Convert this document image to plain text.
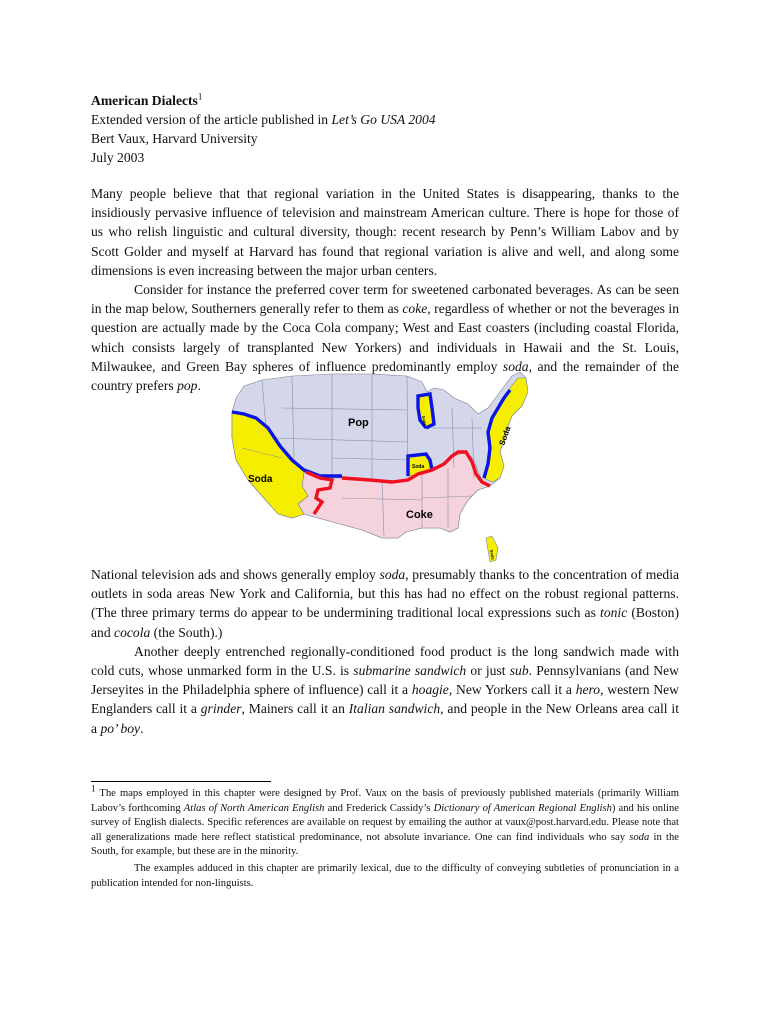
American Dialects$^1$
Extended version of the article published in Let’s Go USA 2004
Bert Vaux, Harvard University
July 2003

Many people believe that that regional variation in the United States is disappearing, thanks to the insidiously pervasive influence of television and mainstream American culture. There is hope for those of us who relish linguistic and cultural diversity, though: recent research by Penn’s William Labov and by Scott Golder and myself at Harvard has found that regional variation is alive and well, and along some dimensions is even increasing between the major urban centers.

Consider for instance the preferred cover term for sweetened carbonated beverages. As can be seen in the map below, Southerners generally refer to them as coke, regardless of whether or not the beverages in question are actually made by the Coca Cola company; West and East coasters (including coastal Florida, which consists largely of transplanted New Yorkers) and individuals in Hawaii and the St. Louis, Milwaukee, and Green Bay spheres of influence predominantly employ soda, and the remainder of the country prefers pop.

Pop
Soda
Coke
Soda
Soda
Soda
Soda

National television ads and shows generally employ soda, presumably thanks to the concentration of media outlets in soda areas New York and California, but this has had no effect on the robust regional patterns. (The three primary terms do appear to be undermining traditional local expressions such as tonic (Boston) and cocola (the South).)

Another deeply entrenched regionally-conditioned food product is the long sandwich made with cold cuts, whose unmarked form in the U.S. is submarine sandwich or just sub. Pennsylvanians (and New Jerseyites in the Philadelphia sphere of influence) call it a hoagie, New Yorkers call it a hero, western New Englanders call it a grinder, Mainers call it an Italian sandwich, and people in the New Orleans area call it a po’ boy.

$^1$ The maps employed in this chapter were designed by Prof. Vaux on the basis of previously published materials (primarily William Labov’s forthcoming Atlas of North American English and Frederick Cassidy’s Dictionary of American Regional English) and his online survey of English dialects. Specific references are available on request by emailing the author at vaux@post.harvard.edu. Please note that all generalizations made here reflect statistical predominance, not absolute invariance. One can find individuals who say soda in the South, for example, but these are in the minority.

The examples adduced in this chapter are primarily lexical, due to the difficulty of conveying subtleties of pronunciation in a publication intended for non-linguists.
